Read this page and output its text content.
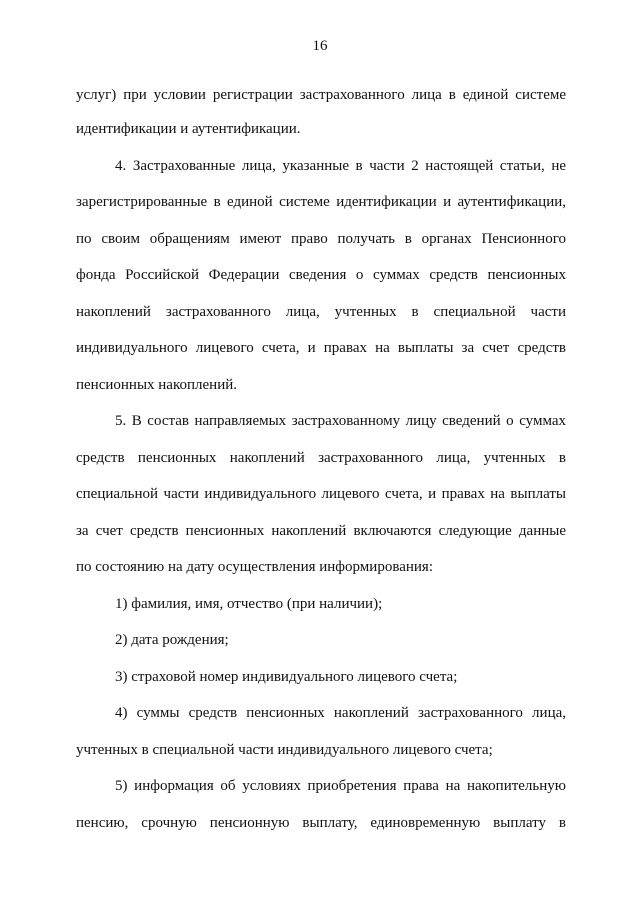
16
услуг) при условии регистрации застрахованного лица в единой системе
идентификации и аутентификации.
4. Застрахованные лица, указанные в части 2 настоящей статьи, не
зарегистрированные в единой системе идентификации и аутентификации,
по своим обращениям имеют право получать в органах Пенсионного
фонда Российской Федерации сведения о суммах средств пенсионных
накоплений застрахованного лица, учтенных в специальной части
индивидуального лицевого счета, и правах на выплаты за счет средств
пенсионных накоплений.
5. В состав направляемых застрахованному лицу сведений о суммах
средств пенсионных накоплений застрахованного лица, учтенных в
специальной части индивидуального лицевого счета, и правах на выплаты
за счет средств пенсионных накоплений включаются следующие данные
по состоянию на дату осуществления информирования:
1) фамилия, имя, отчество (при наличии);
2) дата рождения;
3) страховой номер индивидуального лицевого счета;
4) суммы средств пенсионных накоплений застрахованного лица,
учтенных в специальной части индивидуального лицевого счета;
5) информация об условиях приобретения права на накопительную
пенсию, срочную пенсионную выплату, единовременную выплату в
